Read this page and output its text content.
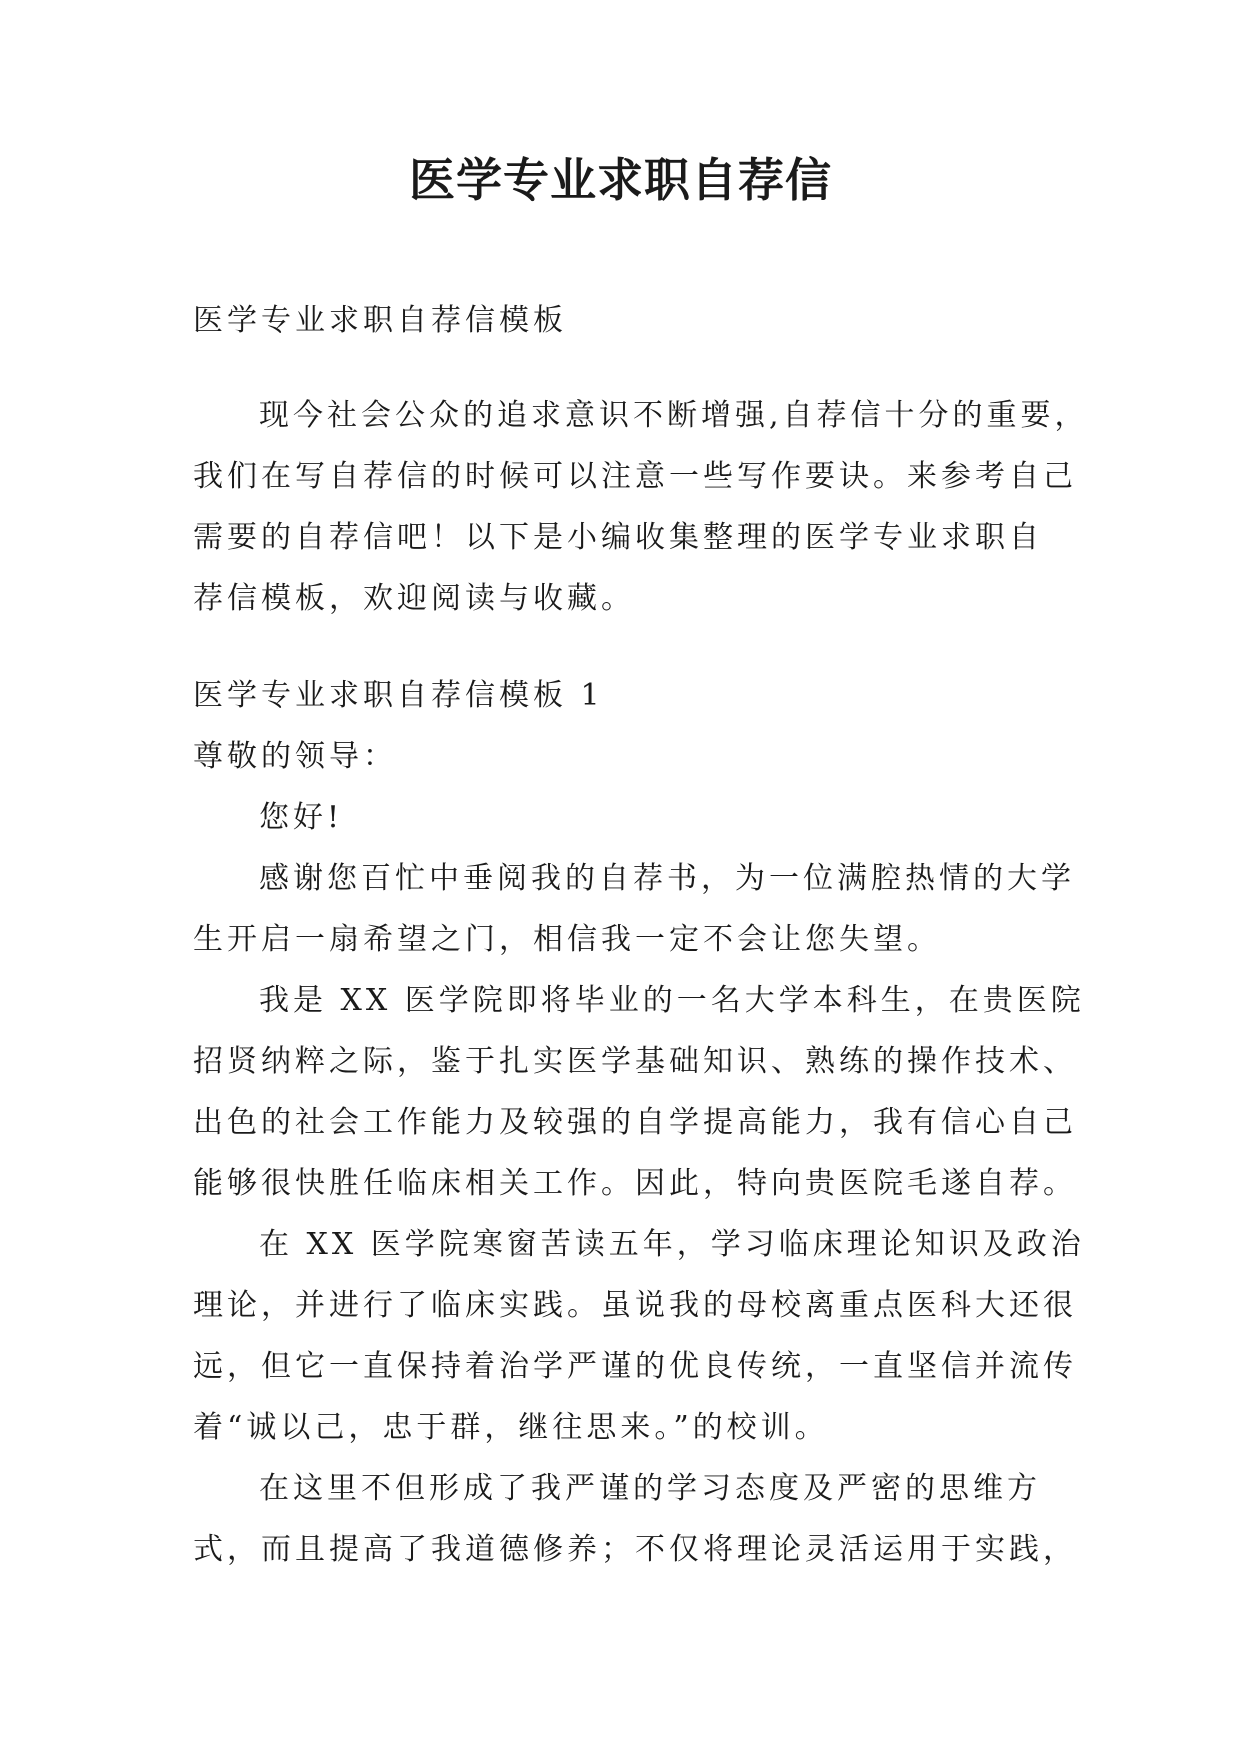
医学专业求职自荐信

医学专业求职自荐信模板

现今社会公众的追求意识不断增强,自荐信十分的重要，

我们在写自荐信的时候可以注意一些写作要诀。来参考自己

需要的自荐信吧！以下是小编收集整理的医学专业求职自

荐信模板，欢迎阅读与收藏。

医学专业求职自荐信模板 1

尊敬的领导：

您好!

感谢您百忙中垂阅我的自荐书，为一位满腔热情的大学

生开启一扇希望之门，相信我一定不会让您失望。

我是 XX 医学院即将毕业的一名大学本科生，在贵医院

招贤纳粹之际，鉴于扎实医学基础知识、熟练的操作技术、

出色的社会工作能力及较强的自学提高能力，我有信心自己

能够很快胜任临床相关工作。因此，特向贵医院毛遂自荐。

在 XX 医学院寒窗苦读五年，学习临床理论知识及政治

理论，并进行了临床实践。虽说我的母校离重点医科大还很

远，但它一直保持着治学严谨的优良传统，一直坚信并流传

着“诚以己，忠于群，继往思来。”的校训。

在这里不但形成了我严谨的学习态度及严密的思维方

式，而且提高了我道德修养；不仅将理论灵活运用于实践，
